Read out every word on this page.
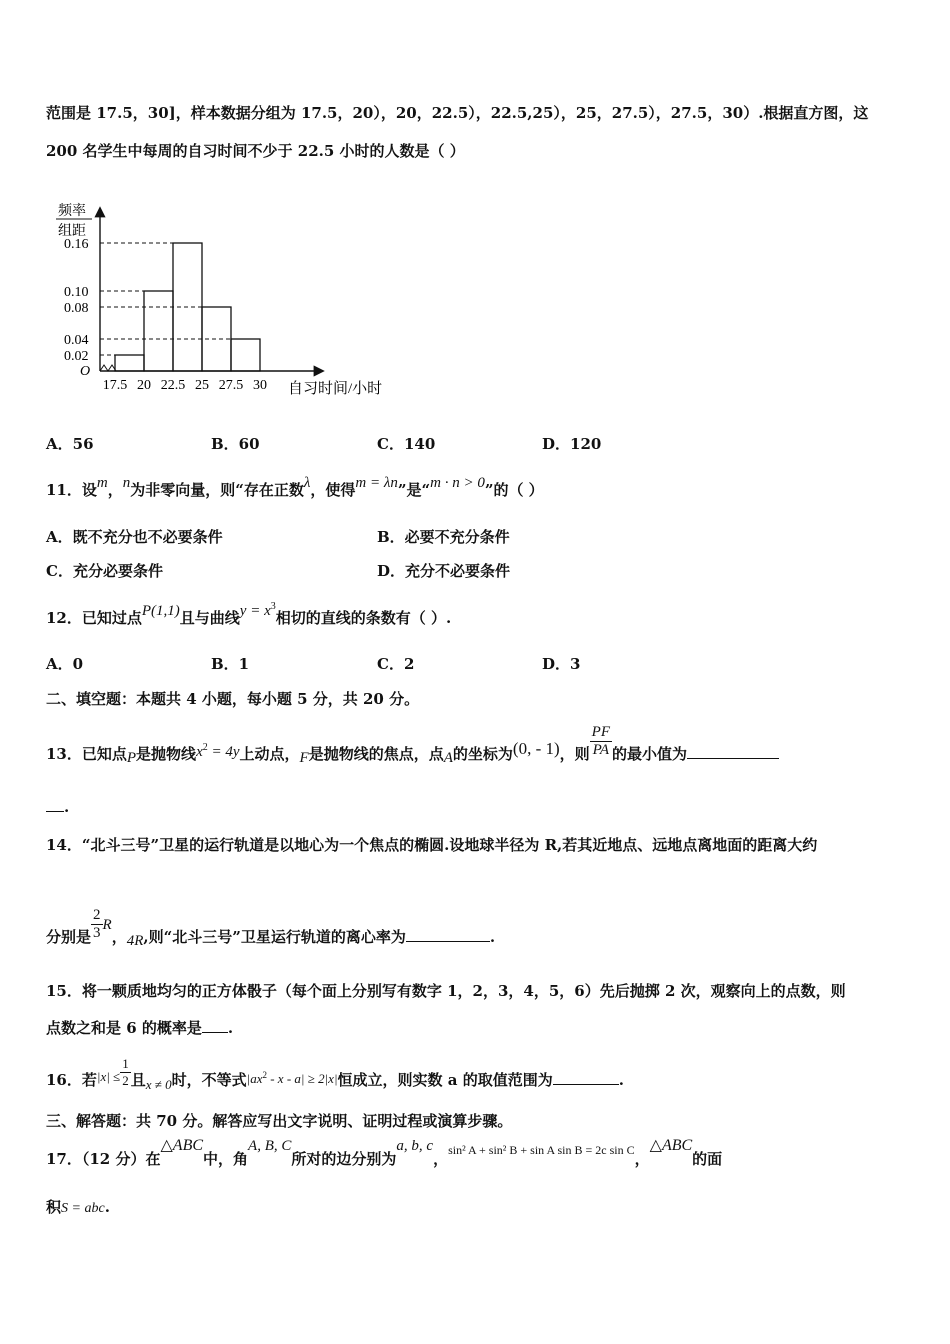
范围是 17.5，30]，样本数据分组为 17.5，20），20，22.5），22.5,25），25，27.5），27.5，30）.根据直方图，这
200 名学生中每周的自习时间不少于 22.5 小时的人数是（ ）
频率
组距
O
自习时间/小时
0.02
0.04
0.08
0.10
0.16
17.5 20 22.5 25 27.5 30
A．56	B．60	C．140	D．120
11．设m，n为非零向量，则“存在正数λ，使得m = λn”是“m · n > 0”的（ ）
A．既不充分也不必要条件	B．必要不充分条件
C．充分必要条件	D．充分不必要条件
12．已知过点P(1,1)且与曲线$y = x^3$相切的直线的条数有（ ）.
A．0	B．1	C．2	D．3
二、填空题：本题共 4 小题，每小题 5 分，共 20 分。
13．已知点P是抛物线$x_2 = 4y$上动点，F是抛物线的焦点，点A的坐标为(0, - 1)，则 $\frac{PF}{PA}$ 的最小值为
.
14．“北斗三号”卫星的运行轨道是以地心为一个焦点的椭圆.设地球半径为 R,若其近地点、远地点离地面的距离大约
分别是 $\frac{2}{3}$ R，4R,则“北斗三号”卫星运行轨道的离心率为	.
15．将一颗质地均匀的正方体骰子（每个面上分别写有数字 1，2，3，4，5，6）先后抛掷 2 次，观察向上的点数，则
点数之和是 6 的概率是 .
16．若$|x| \le \frac{1}{2}$ 且x ≠ 0时，不等式$|ax_2 - x - a| \ge 2|x|$恒成立，则实数 a 的取值范围为	.
三、解答题：共 70 分。解答应写出文字说明、证明过程或演算步骤。
17．（12 分）在△ABC中，角A, B, C所对的边分别为a, b, c，$_{sin^2 A + sin^2 B + sin A sin B = 2c sin C}$，△ABC的面
积S = abc.
